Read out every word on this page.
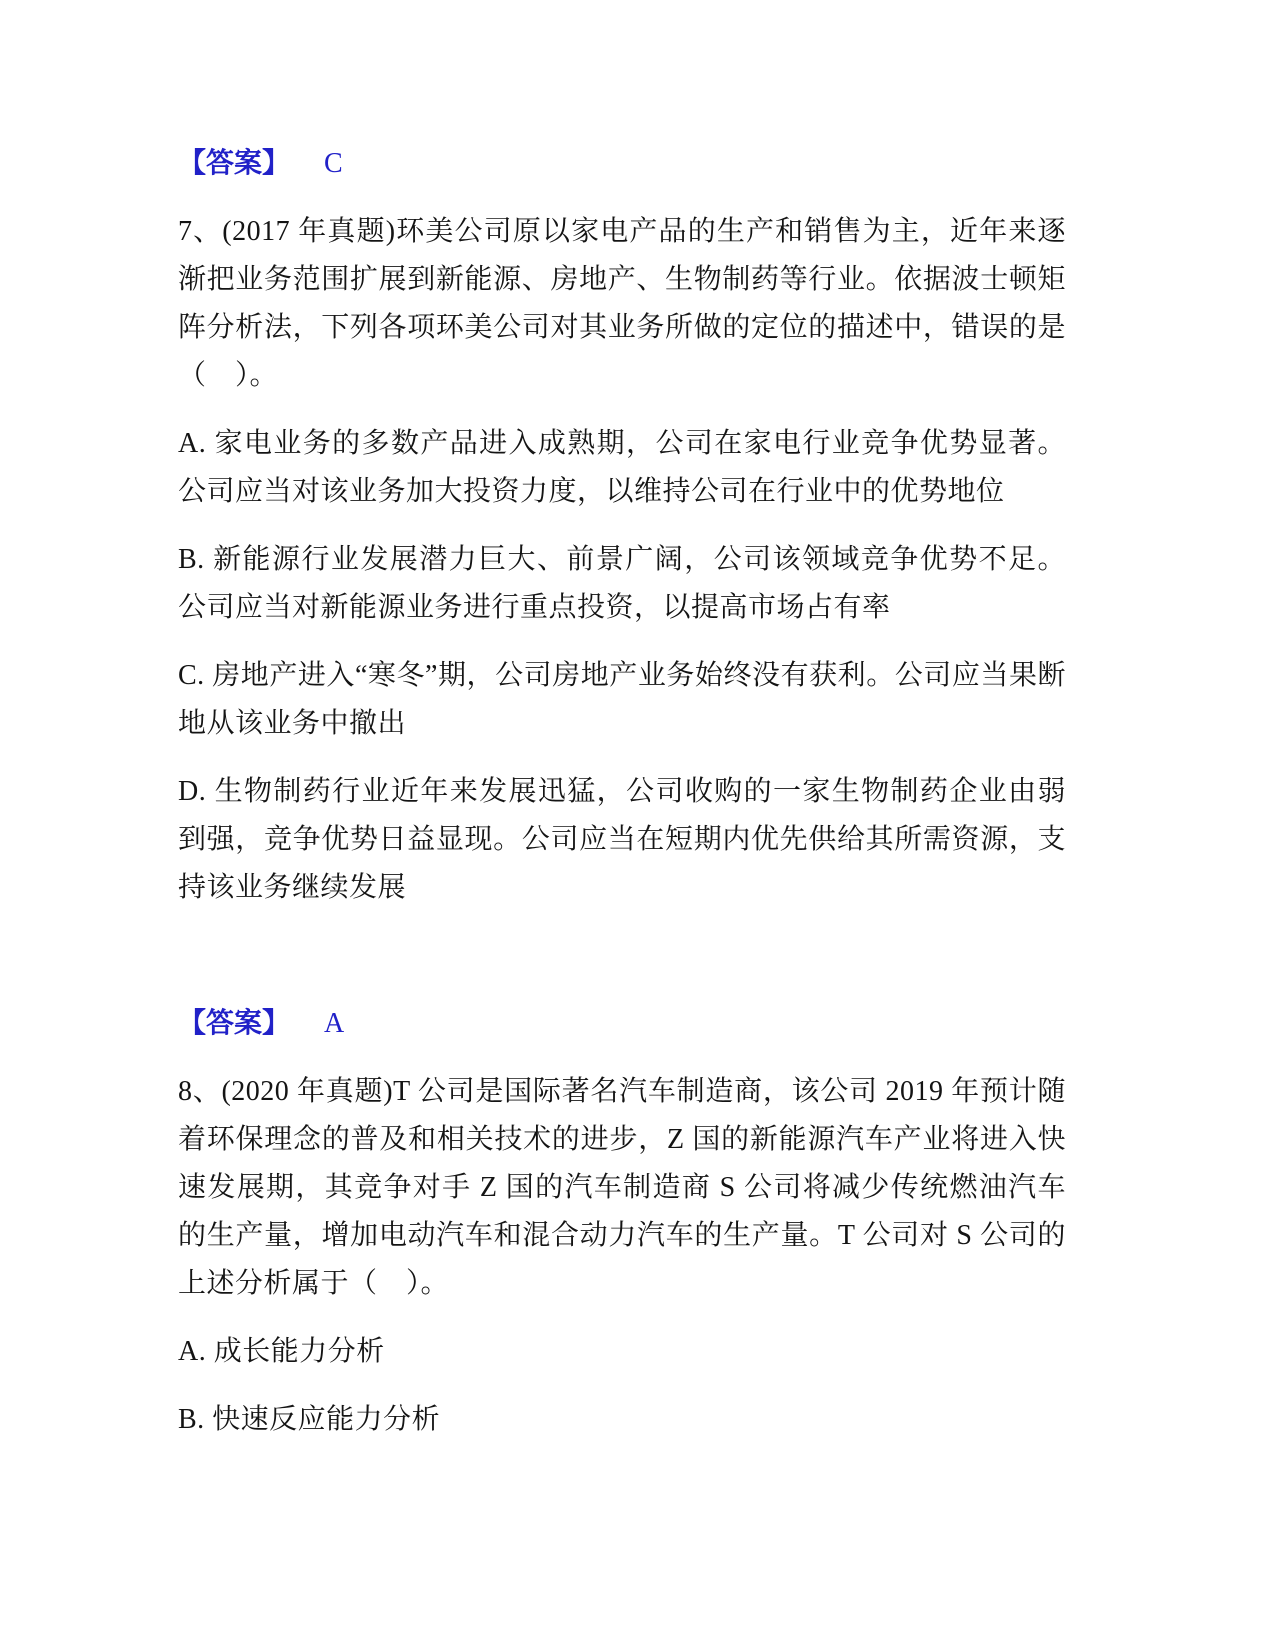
【答案】 C

7、(2017 年真题)环美公司原以家电产品的生产和销售为主，近年来逐渐把业务范围扩展到新能源、房地产、生物制药等行业。依据波士顿矩阵分析法，下列各项环美公司对其业务所做的定位的描述中，错误的是（　）。

A. 家电业务的多数产品进入成熟期，公司在家电行业竞争优势显著。公司应当对该业务加大投资力度，以维持公司在行业中的优势地位

B. 新能源行业发展潜力巨大、前景广阔，公司该领域竞争优势不足。公司应当对新能源业务进行重点投资，以提高市场占有率

C. 房地产进入“寒冬”期，公司房地产业务始终没有获利。公司应当果断地从该业务中撤出

D. 生物制药行业近年来发展迅猛，公司收购的一家生物制药企业由弱到强，竞争优势日益显现。公司应当在短期内优先供给其所需资源，支持该业务继续发展

【答案】 A

8、(2020 年真题)T 公司是国际著名汽车制造商，该公司 2019 年预计随着环保理念的普及和相关技术的进步，Z 国的新能源汽车产业将进入快速发展期，其竞争对手 Z 国的汽车制造商 S 公司将减少传统燃油汽车的生产量，增加电动汽车和混合动力汽车的生产量。T 公司对 S 公司的上述分析属于（　）。

A. 成长能力分析

B. 快速反应能力分析
